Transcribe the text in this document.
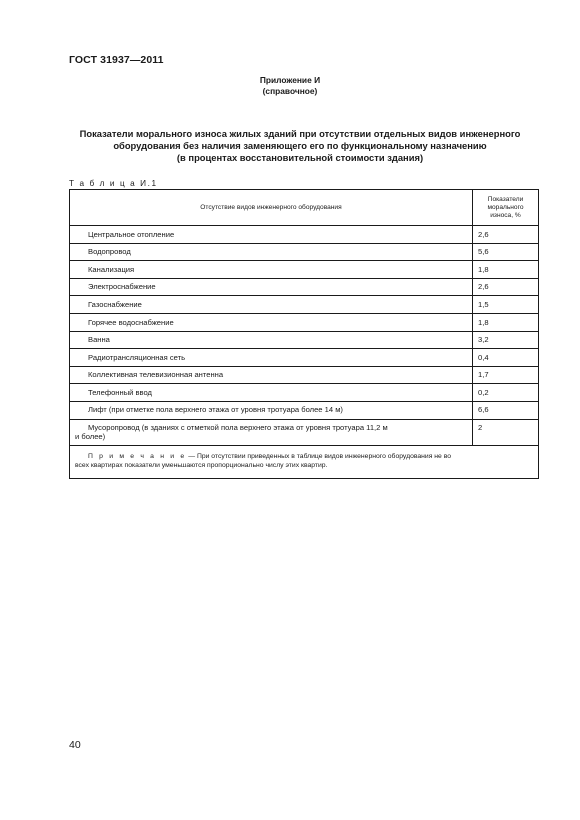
ГОСТ 31937—2011
Приложение И
(справочное)
Показатели морального износа жилых зданий при отсутствии отдельных видов инженерного
оборудования без наличия заменяющего его по функциональному назначению
(в процентах восстановительной стоимости здания)
Т а б л и ц а И.1
Отсутствие видов инженерного оборудования	Показатели
морального
износа, %

Центральное отопление	2,6
Водопровод	5,6
Канализация	1,8
Электроснабжение	2,6
Газоснабжение	1,5
Горячее водоснабжение	1,8
Ванна	3,2
Радиотрансляционная сеть	0,4
Коллективная телевизионная антенна	1,7
Телефонный ввод	0,2
Лифт (при отметке пола верхнего этажа от уровня тротуара более 14 м)	6,6

Мусоропровод (в зданиях с отметкой пола верхнего этажа от уровня тротуара 11,2 м
и более)	2

П р и м е ч а н и е — При отсутствии приведенных в таблице видов инженерного оборудования не во
всех квартирах показатели уменьшаются пропорционально числу этих квартир.	
40
